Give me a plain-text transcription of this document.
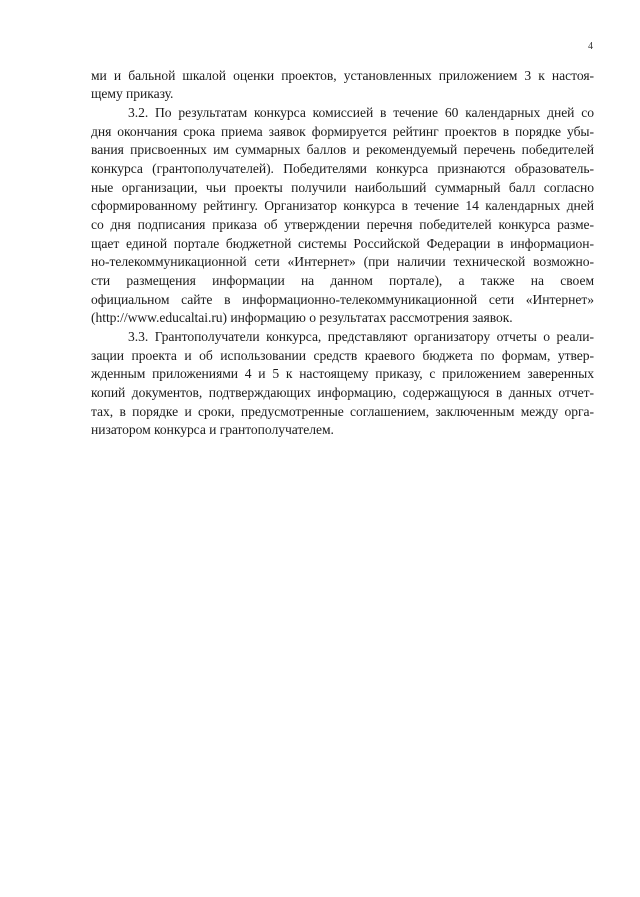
4
ми и бальной шкалой оценки проектов, установленных приложением 3 к настоя-
щему приказу.
3.2. По результатам конкурса комиссией в течение 60 календарных дней со
дня окончания срока приема заявок формируется рейтинг проектов в порядке убы-
вания присвоенных им суммарных баллов и рекомендуемый перечень победителей
конкурса (грантополучателей). Победителями конкурса признаются образователь-
ные организации, чьи проекты получили наибольший суммарный балл согласно
сформированному рейтингу. Организатор конкурса в течение 14 календарных дней
со дня подписания приказа об утверждении перечня победителей конкурса разме-
щает единой портале бюджетной системы Российской Федерации в информацион-
но-телекоммуникационной сети «Интернет» (при наличии технической возможно-
сти размещения информации на данном портале), а также на своем
официальном сайте в информационно-телекоммуникационной сети «Интернет»
(http://www.educaltai.ru) информацию о результатах рассмотрения заявок.
3.3. Грантополучатели конкурса, представляют организатору отчеты о реали-
зации проекта и об использовании средств краевого бюджета по формам, утвер-
жденным приложениями 4 и 5 к настоящему приказу, с приложением заверенных
копий документов, подтверждающих информацию, содержащуюся в данных отчет-
тах, в порядке и сроки, предусмотренные соглашением, заключенным между орга-
низатором конкурса и грантополучателем.
